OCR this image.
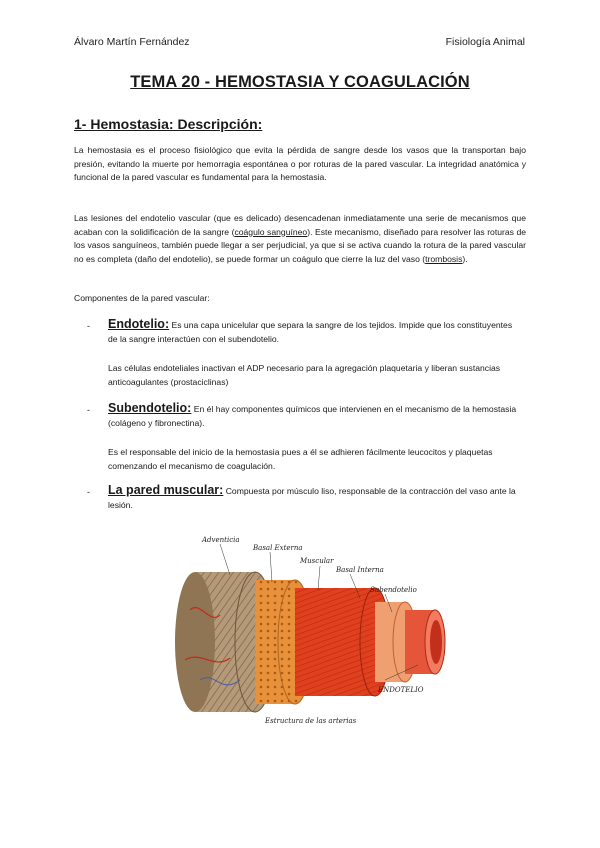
Álvaro Martín Fernández	Fisiología Animal
TEMA 20 - HEMOSTASIA Y COAGULACIÓN
1- Hemostasia: Descripción:
La hemostasia es el proceso fisiológico que evita la pérdida de sangre desde los vasos que la transportan bajo presión, evitando la muerte por hemorragia espontánea o por roturas de la pared vascular. La integridad anatómica y funcional de la pared vascular es fundamental para la hemostasia.
Las lesiones del endotelio vascular (que es delicado) desencadenan inmediatamente una serie de mecanismos que acaban con la solidificación de la sangre (coágulo sanguíneo). Este mecanismo, diseñado para resolver las roturas de los vasos sanguíneos, también puede llegar a ser perjudicial, ya que si se activa cuando la rotura de la pared vascular no es completa (daño del endotelio), se puede formar un coágulo que cierre la luz del vaso (trombosis).
Componentes de la pared vascular:
- Endotelio: Es una capa unicelular que separa la sangre de los tejidos. Impide que los constituyentes de la sangre interactúen con el subendotelio.
Las células endoteliales inactivan el ADP necesario para la agregación plaquetaria y liberan sustancias anticoagulantes (prostaciclinas)
- Subendotelio: En él hay componentes químicos que intervienen en el mecanismo de la hemostasia (colágeno y fibronectina).
Es el responsable del inicio de la hemostasia pues a él se adhieren fácilmente leucocitos y plaquetas comenzando el mecanismo de coagulación.
- La pared muscular: Compuesta por músculo liso, responsable de la contracción del vaso ante la lesión.
Adventicia
Basal Externa
Muscular
Basal Interna
Subendotelio
ENDOTELIO
Estructura de las arterias
